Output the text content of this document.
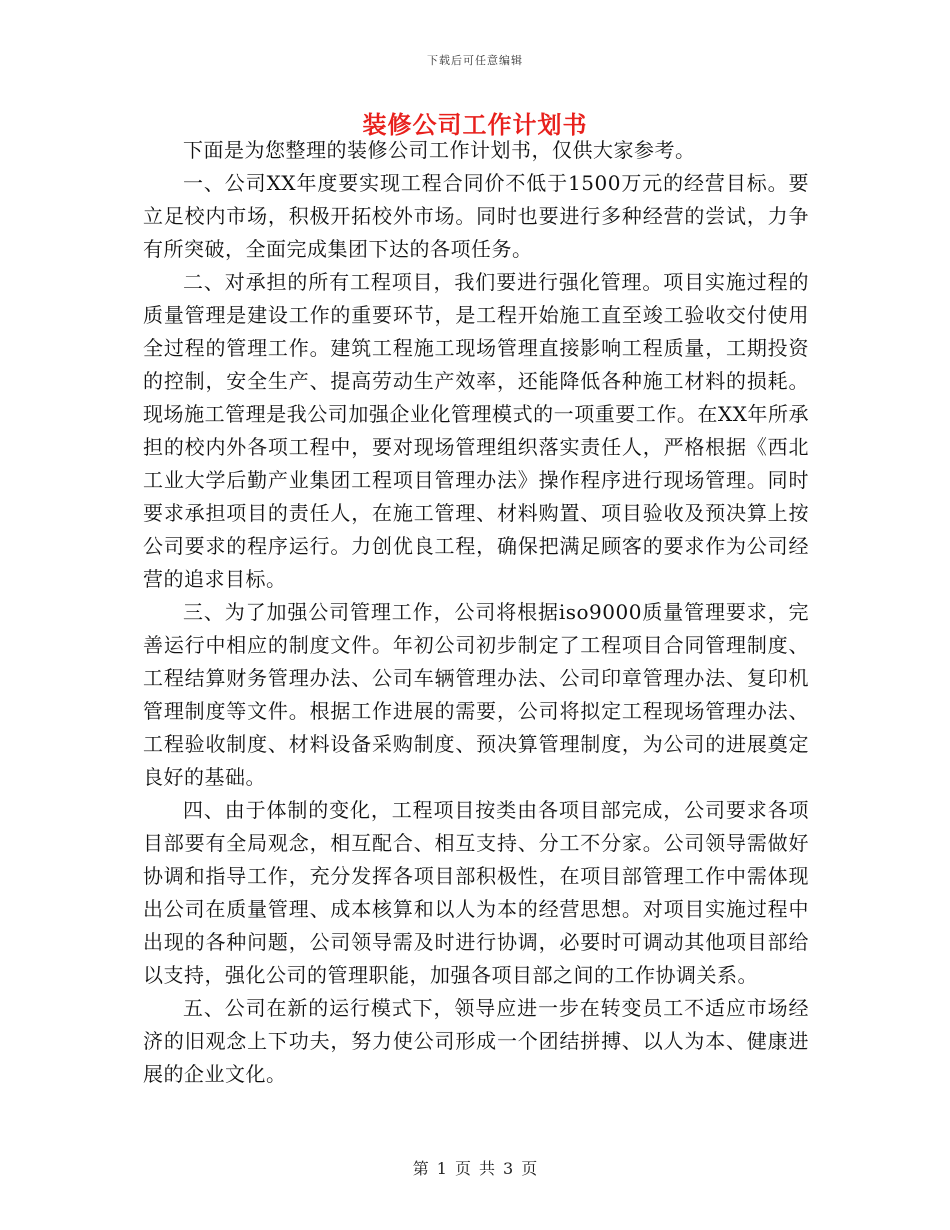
下载后可任意编辑
装修公司工作计划书

下面是为您整理的装修公司工作计划书，仅供大家参考。

一、公司XX年度要实现工程合同价不低于1500万元的经营目标。要立足校内市场，积极开拓校外市场。同时也要进行多种经营的尝试，力争有所突破，全面完成集团下达的各项任务。

二、对承担的所有工程项目，我们要进行强化管理。项目实施过程的质量管理是建设工作的重要环节，是工程开始施工直至竣工验收交付使用全过程的管理工作。建筑工程施工现场管理直接影响工程质量，工期投资的控制，安全生产、提高劳动生产效率，还能降低各种施工材料的损耗。现场施工管理是我公司加强企业化管理模式的一项重要工作。在XX年所承担的校内外各项工程中，要对现场管理组织落实责任人，严格根据《西北工业大学后勤产业集团工程项目管理办法》操作程序进行现场管理。同时要求承担项目的责任人，在施工管理、材料购置、项目验收及预决算上按公司要求的程序运行。力创优良工程，确保把满足顾客的要求作为公司经营的追求目标。

三、为了加强公司管理工作，公司将根据iso9000质量管理要求，完善运行中相应的制度文件。年初公司初步制定了工程项目合同管理制度、工程结算财务管理办法、公司车辆管理办法、公司印章管理办法、复印机管理制度等文件。根据工作进展的需要，公司将拟定工程现场管理办法、工程验收制度、材料设备采购制度、预决算管理制度，为公司的进展奠定良好的基础。

四、由于体制的变化，工程项目按类由各项目部完成，公司要求各项目部要有全局观念，相互配合、相互支持、分工不分家。公司领导需做好协调和指导工作，充分发挥各项目部积极性，在项目部管理工作中需体现出公司在质量管理、成本核算和以人为本的经营思想。对项目实施过程中出现的各种问题，公司领导需及时进行协调，必要时可调动其他项目部给以支持，强化公司的管理职能，加强各项目部之间的工作协调关系。

五、公司在新的运行模式下，领导应进一步在转变员工不适应市场经济的旧观念上下功夫，努力使公司形成一个团结拼搏、以人为本、健康进展的企业文化。

第 1 页 共 3 页
